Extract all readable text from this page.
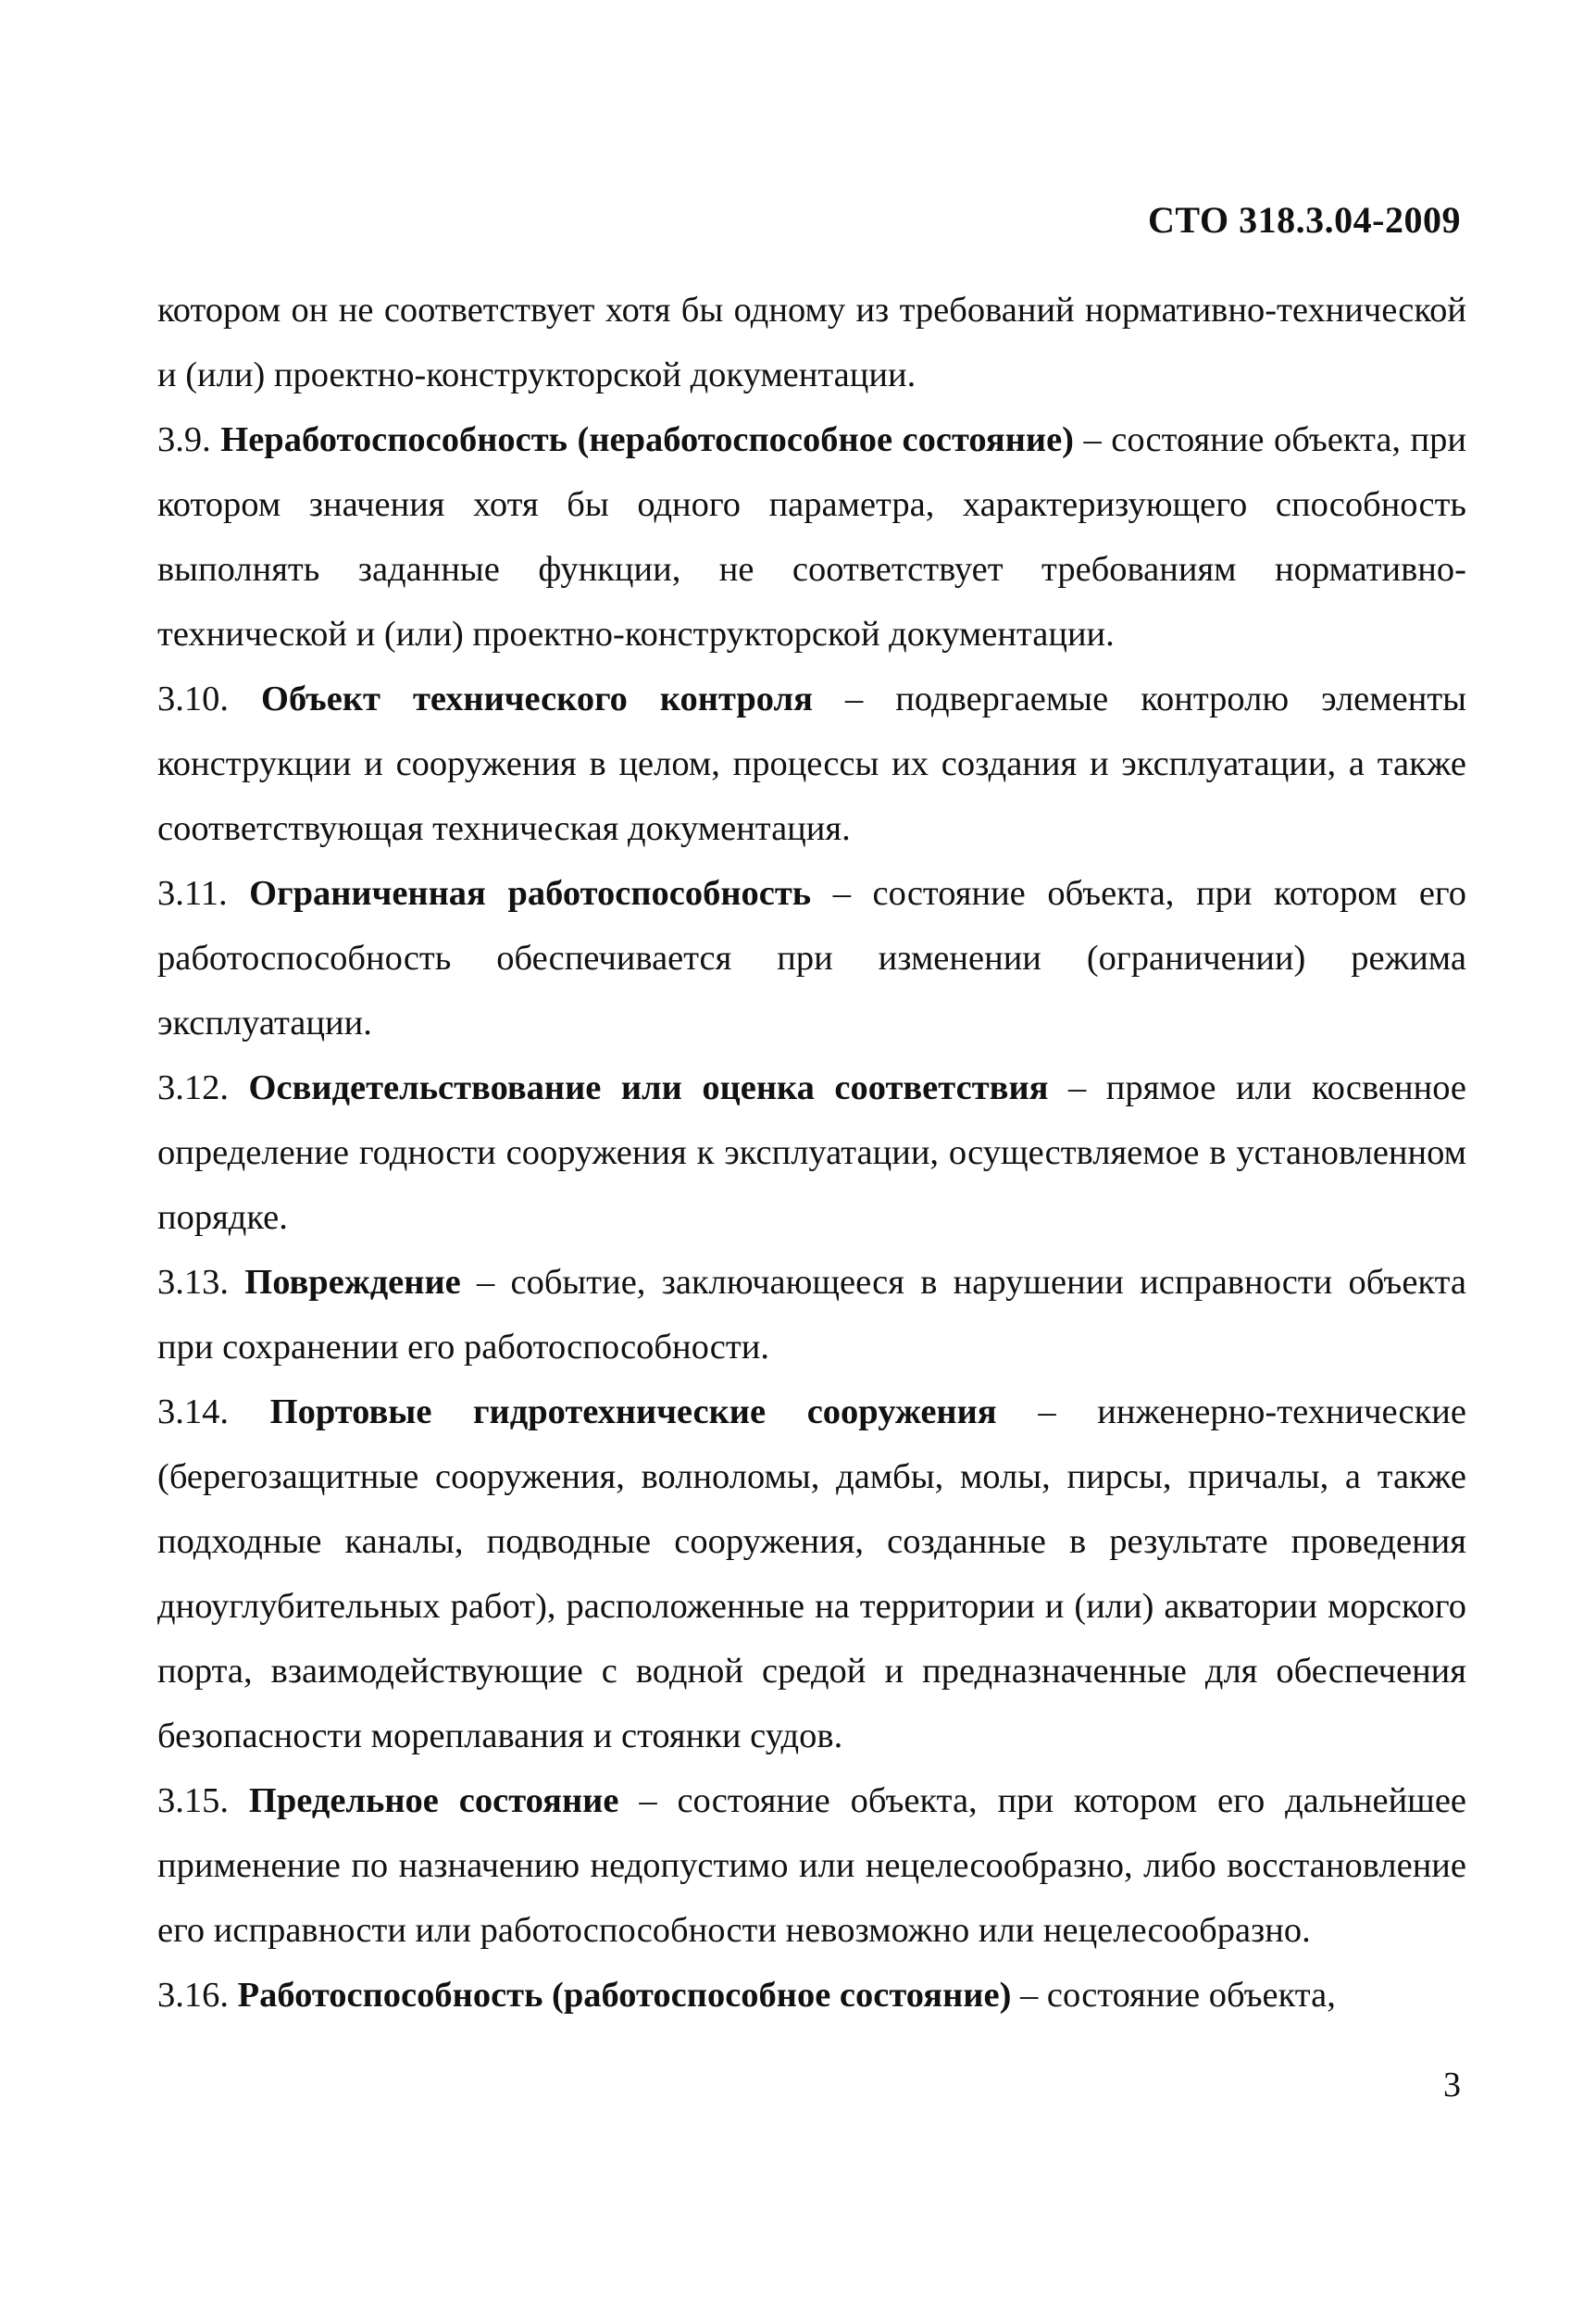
СТО 318.3.04-2009

котором он не соответствует хотя бы одному из требований нормативно-технической и (или) проектно-конструкторской документации.

3.9. Неработоспособность (неработоспособное состояние) – состояние объекта, при котором значения хотя бы одного параметра, характеризующего способность выполнять заданные функции, не соответствует требованиям нормативно-технической и (или) проектно-конструкторской документации.

3.10. Объект технического контроля – подвергаемые контролю элементы конструкции и сооружения в целом, процессы их создания и эксплуатации, а также соответствующая техническая документация.

3.11. Ограниченная работоспособность – состояние объекта, при котором его работоспособность обеспечивается при изменении (ограничении) режима эксплуатации.

3.12. Освидетельствование или оценка соответствия – прямое или косвенное определение годности сооружения к эксплуатации, осуществляемое в установленном порядке.

3.13. Повреждение – событие, заключающееся в нарушении исправности объекта при сохранении его работоспособности.

3.14. Портовые гидротехнические сооружения – инженерно-технические (берегозащитные сооружения, волноломы, дамбы, молы, пирсы, причалы, а также подходные каналы, подводные сооружения, созданные в результате проведения дноуглубительных работ), расположенные на территории и (или) акватории морского порта, взаимодействующие с водной средой и предназначенные для обеспечения безопасности мореплавания и стоянки судов.

3.15. Предельное состояние – состояние объекта, при котором его дальнейшее применение по назначению недопустимо или нецелесообразно, либо восстановление его исправности или работоспособности невозможно или нецелесообразно.

3.16. Работоспособность (работоспособное состояние) – состояние объекта,

3
